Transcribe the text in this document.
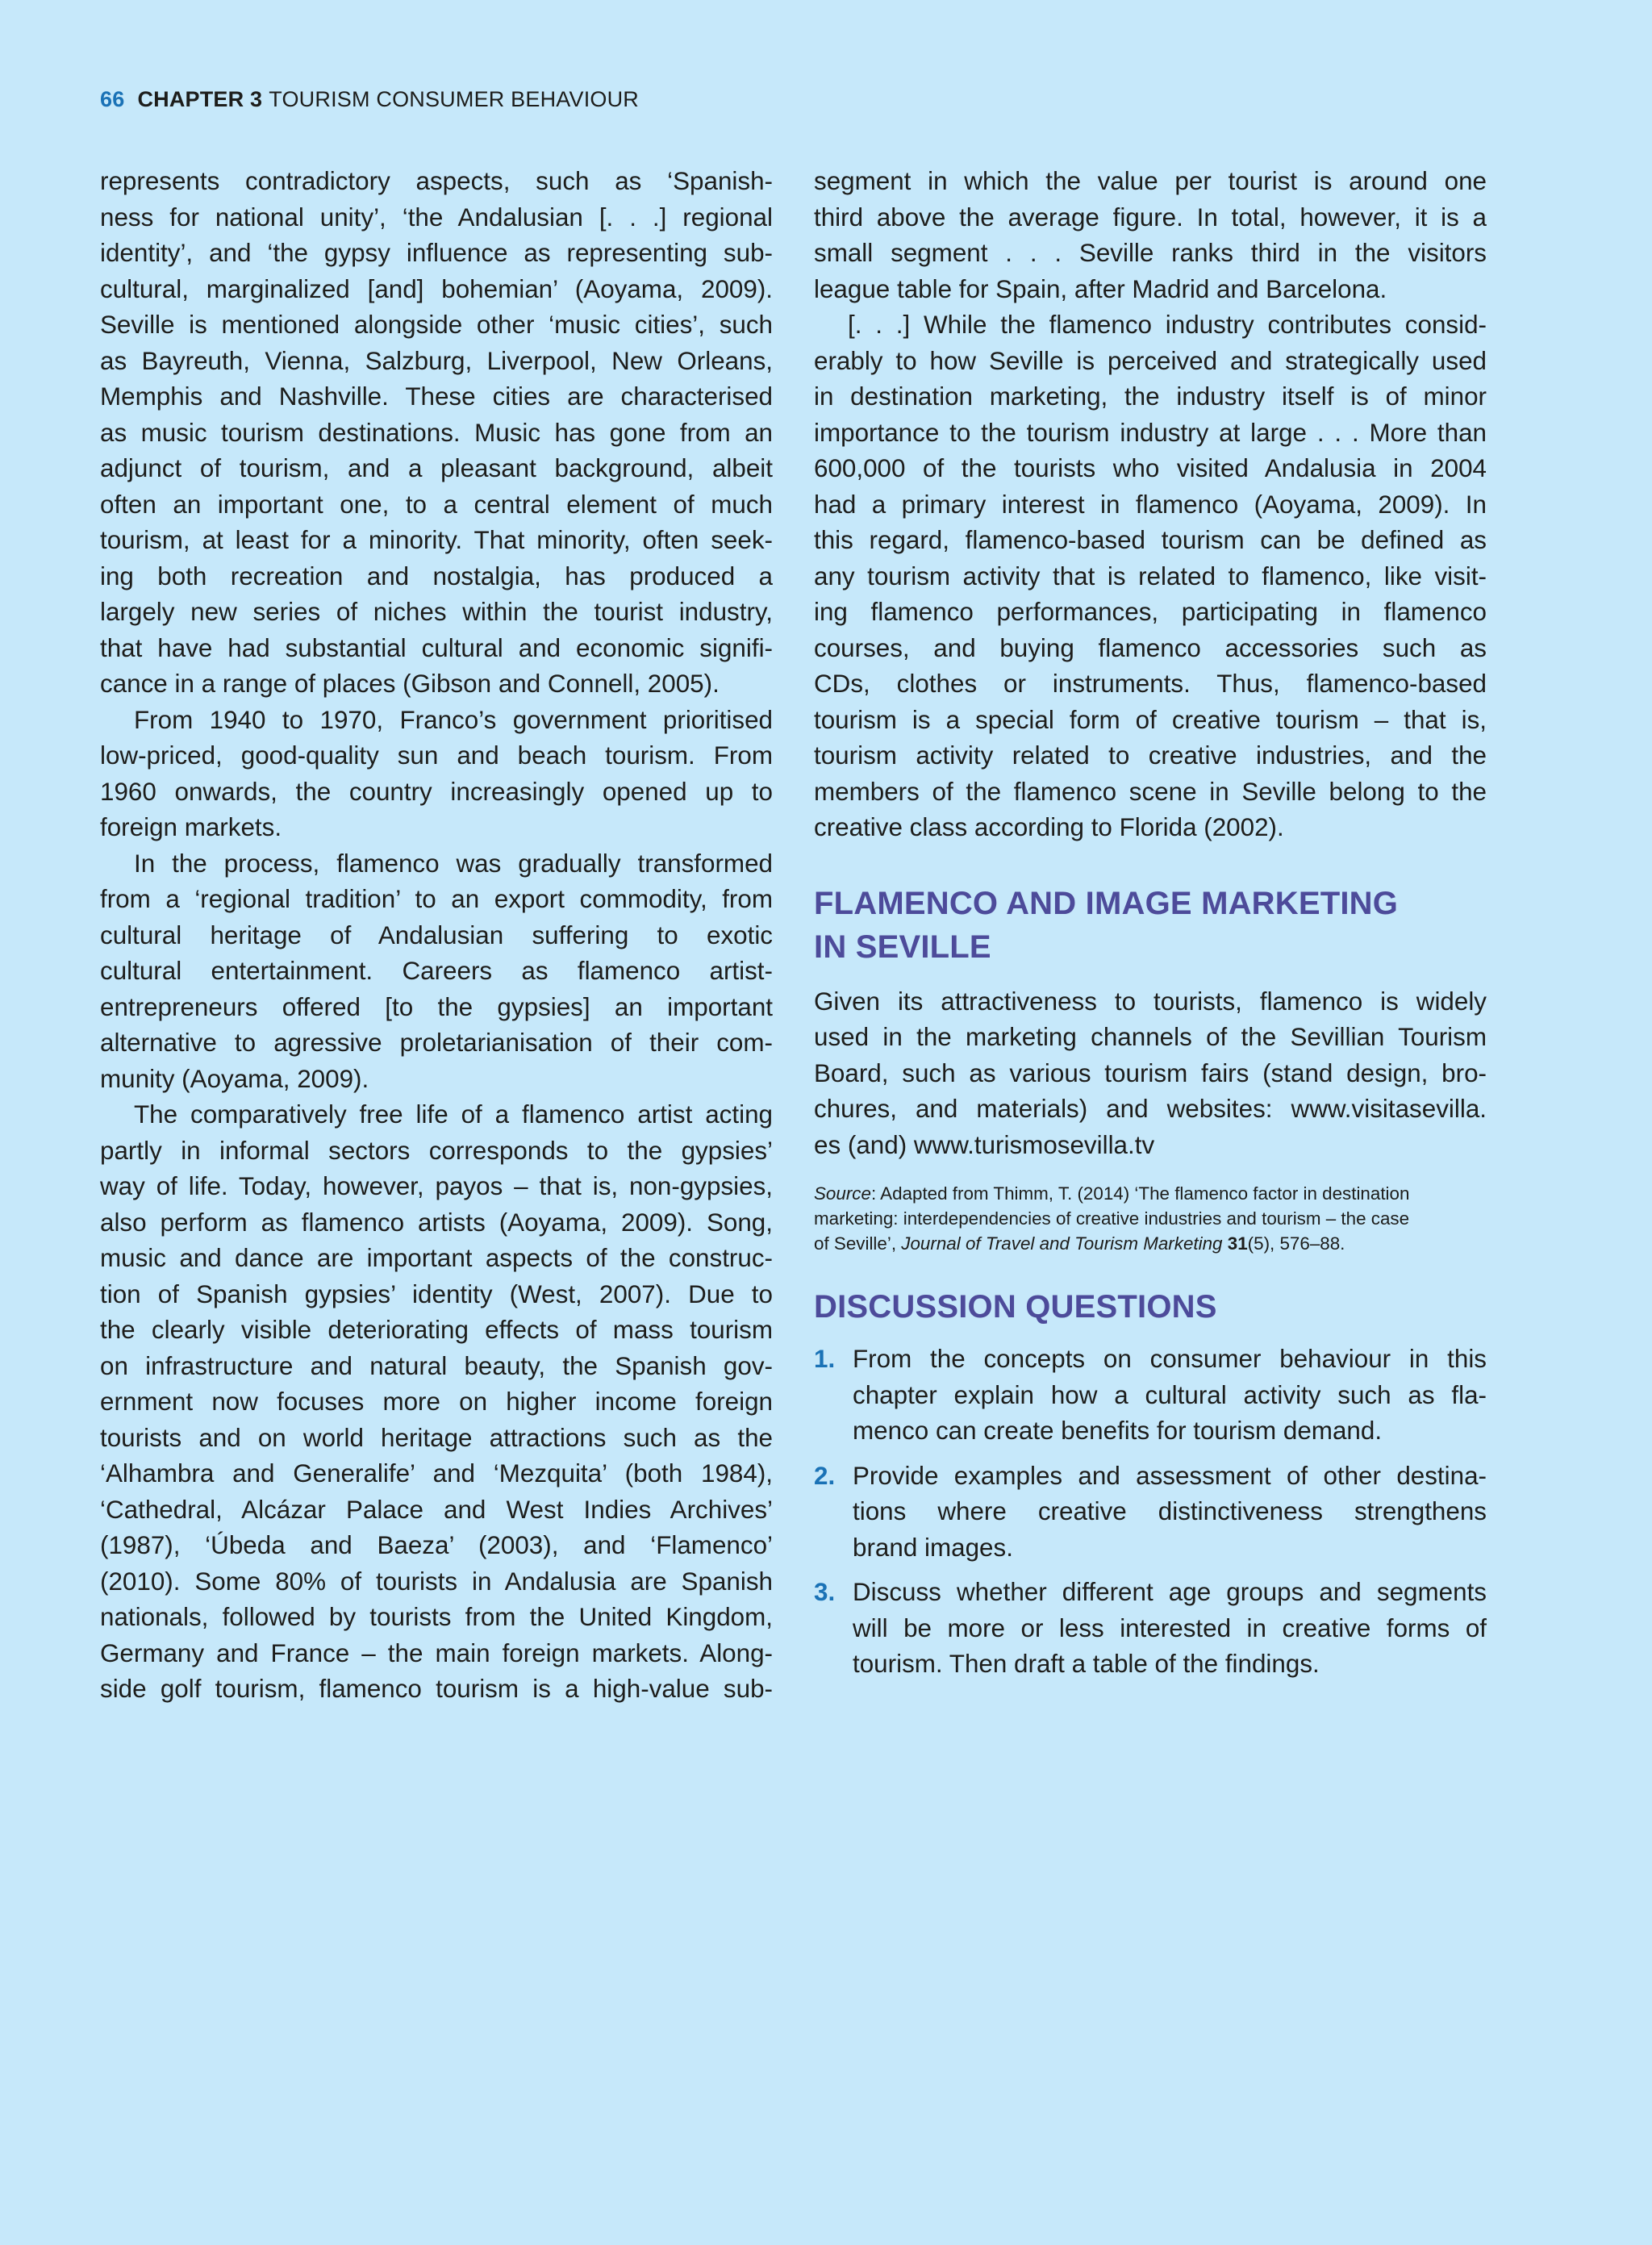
66 CHAPTER 3 TOURISM CONSUMER BEHAVIOUR
represents contradictory aspects, such as ‘Spanish-
ness for national unity’, ‘the Andalusian [. . .] regional
identity’, and ‘the gypsy influence as representing sub-
cultural, marginalized [and] bohemian’ (Aoyama, 2009).
Seville is mentioned alongside other ‘music cities’, such
as Bayreuth, Vienna, Salzburg, Liverpool, New Orleans,
Memphis and Nashville. These cities are characterised
as music tourism destinations. Music has gone from an
adjunct of tourism, and a pleasant background, albeit
often an important one, to a central element of much
tourism, at least for a minority. That minority, often seek-
ing both recreation and nostalgia, has produced a
largely new series of niches within the tourist industry,
that have had substantial cultural and economic signifi-
cance in a range of places (Gibson and Connell, 2005).
From 1940 to 1970, Franco’s government prioritised
low-priced, good-quality sun and beach tourism. From
1960 onwards, the country increasingly opened up to
foreign markets.
In the process, flamenco was gradually transformed
from a ‘regional tradition’ to an export commodity, from
cultural heritage of Andalusian suffering to exotic
cultural entertainment. Careers as flamenco artist-
entrepreneurs offered [to the gypsies] an important
alternative to agressive proletarianisation of their com-
munity (Aoyama, 2009).
The comparatively free life of a flamenco artist acting
partly in informal sectors corresponds to the gypsies’
way of life. Today, however, payos – that is, non-gypsies,
also perform as flamenco artists (Aoyama, 2009). Song,
music and dance are important aspects of the construc-
tion of Spanish gypsies’ identity (West, 2007). Due to
the clearly visible deteriorating effects of mass tourism
on infrastructure and natural beauty, the Spanish gov-
ernment now focuses more on higher income foreign
tourists and on world heritage attractions such as the
‘Alhambra and Generalife’ and ‘Mezquita’ (both 1984),
‘Cathedral, Alcázar Palace and West Indies Archives’
(1987), ‘Úbeda and Baeza’ (2003), and ‘Flamenco’
(2010). Some 80% of tourists in Andalusia are Spanish
nationals, followed by tourists from the United Kingdom,
Germany and France – the main foreign markets. Along-
side golf tourism, flamenco tourism is a high-value sub-
segment in which the value per tourist is around one
third above the average figure. In total, however, it is a
small segment . . . Seville ranks third in the visitors
league table for Spain, after Madrid and Barcelona.
[. . .] While the flamenco industry contributes consid-
erably to how Seville is perceived and strategically used
in destination marketing, the industry itself is of minor
importance to the tourism industry at large . . . More than
600,000 of the tourists who visited Andalusia in 2004
had a primary interest in flamenco (Aoyama, 2009). In
this regard, flamenco-based tourism can be defined as
any tourism activity that is related to flamenco, like visit-
ing flamenco performances, participating in flamenco
courses, and buying flamenco accessories such as
CDs, clothes or instruments. Thus, flamenco-based
tourism is a special form of creative tourism – that is,
tourism activity related to creative industries, and the
members of the flamenco scene in Seville belong to the
creative class according to Florida (2002).
FLAMENCO AND IMAGE MARKETING
IN SEVILLE
Given its attractiveness to tourists, flamenco is widely
used in the marketing channels of the Sevillian Tourism
Board, such as various tourism fairs (stand design, bro-
chures, and materials) and websites: www.visitasevilla.
es (and) www.turismosevilla.tv
Source: Adapted from Thimm, T. (2014) ‘The flamenco factor in destination
marketing: interdependencies of creative industries and tourism – the case
of Seville’, Journal of Travel and Tourism Marketing 31(5), 576–88.
DISCUSSION QUESTIONS
1. From the concepts on consumer behaviour in this
chapter explain how a cultural activity such as fla-
menco can create benefits for tourism demand.
2. Provide examples and assessment of other destina-
tions where creative distinctiveness strengthens
brand images.
3. Discuss whether different age groups and segments
will be more or less interested in creative forms of
tourism. Then draft a table of the findings.
